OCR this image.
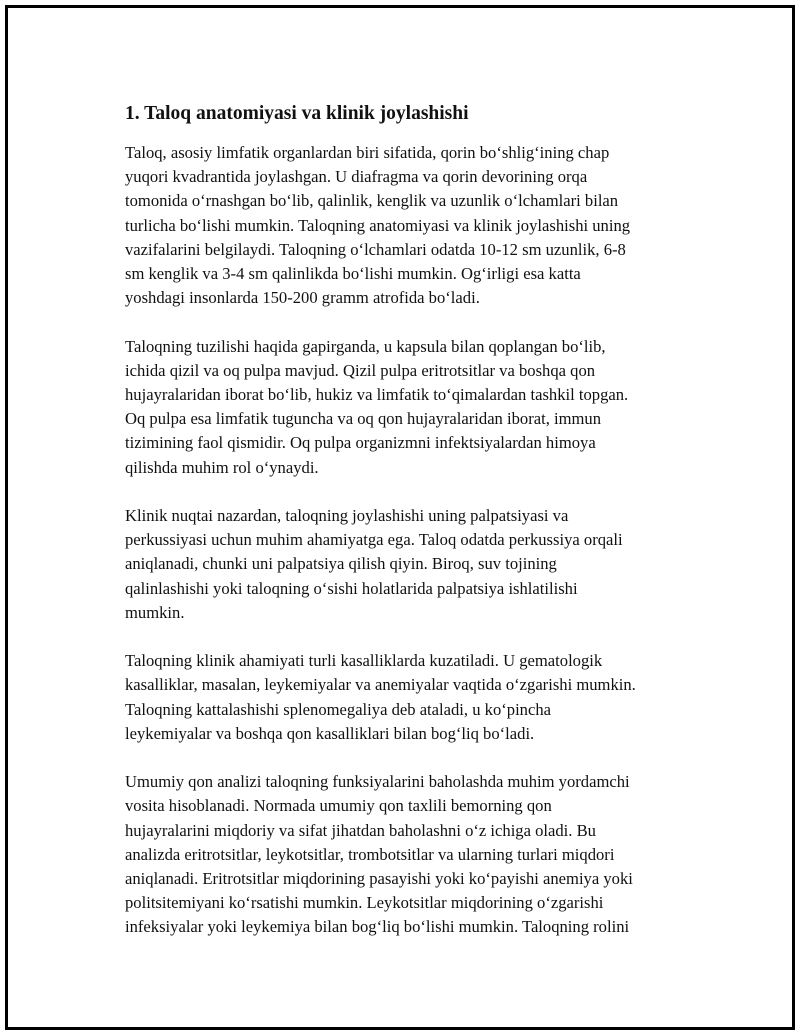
1. Taloq anatomiyasi va klinik joylashishi

Taloq, asosiy limfatik organlardan biri sifatida, qorin bo‘shlig‘ining chap
yuqori kvadrantida joylashgan. U diafragma va qorin devorining orqa
tomonida o‘rnashgan bo‘lib, qalinlik, kenglik va uzunlik o‘lchamlari bilan
turlicha bo‘lishi mumkin. Taloqning anatomiyasi va klinik joylashishi uning
vazifalarini belgilaydi. Taloqning o‘lchamlari odatda 10-12 sm uzunlik, 6-8
sm kenglik va 3-4 sm qalinlikda bo‘lishi mumkin. Og‘irligi esa katta
yoshdagi insonlarda 150-200 gramm atrofida bo‘ladi.

Taloqning tuzilishi haqida gapirganda, u kapsula bilan qoplangan bo‘lib,
ichida qizil va oq pulpa mavjud. Qizil pulpa eritrotsitlar va boshqa qon
hujayralaridan iborat bo‘lib, hukiz va limfatik to‘qimalardan tashkil topgan.
Oq pulpa esa limfatik tuguncha va oq qon hujayralaridan iborat, immun
tizimining faol qismidir. Oq pulpa organizmni infektsiyalardan himoya
qilishda muhim rol o‘ynaydi.

Klinik nuqtai nazardan, taloqning joylashishi uning palpatsiyasi va
perkussiyasi uchun muhim ahamiyatga ega. Taloq odatda perkussiya orqali
aniqlanadi, chunki uni palpatsiya qilish qiyin. Biroq, suv tojining
qalinlashishi yoki taloqning o‘sishi holatlarida palpatsiya ishlatilishi
mumkin.

Taloqning klinik ahamiyati turli kasalliklarda kuzatiladi. U gematologik
kasalliklar, masalan, leykemiyalar va anemiyalar vaqtida o‘zgarishi mumkin.
Taloqning kattalashishi splenomegaliya deb ataladi, u ko‘pincha
leykemiyalar va boshqa qon kasalliklari bilan bog‘liq bo‘ladi.

Umumiy qon analizi taloqning funksiyalarini baholashda muhim yordamchi
vosita hisoblanadi. Normada umumiy qon taxlili bemorning qon
hujayralarini miqdoriy va sifat jihatdan baholashni o‘z ichiga oladi. Bu
analizda eritrotsitlar, leykotsitlar, trombotsitlar va ularning turlari miqdori
aniqlanadi. Eritrotsitlar miqdorining pasayishi yoki ko‘payishi anemiya yoki
politsitemiyani ko‘rsatishi mumkin. Leykotsitlar miqdorining o‘zgarishi
infeksiyalar yoki leykemiya bilan bog‘liq bo‘lishi mumkin. Taloqning rolini
